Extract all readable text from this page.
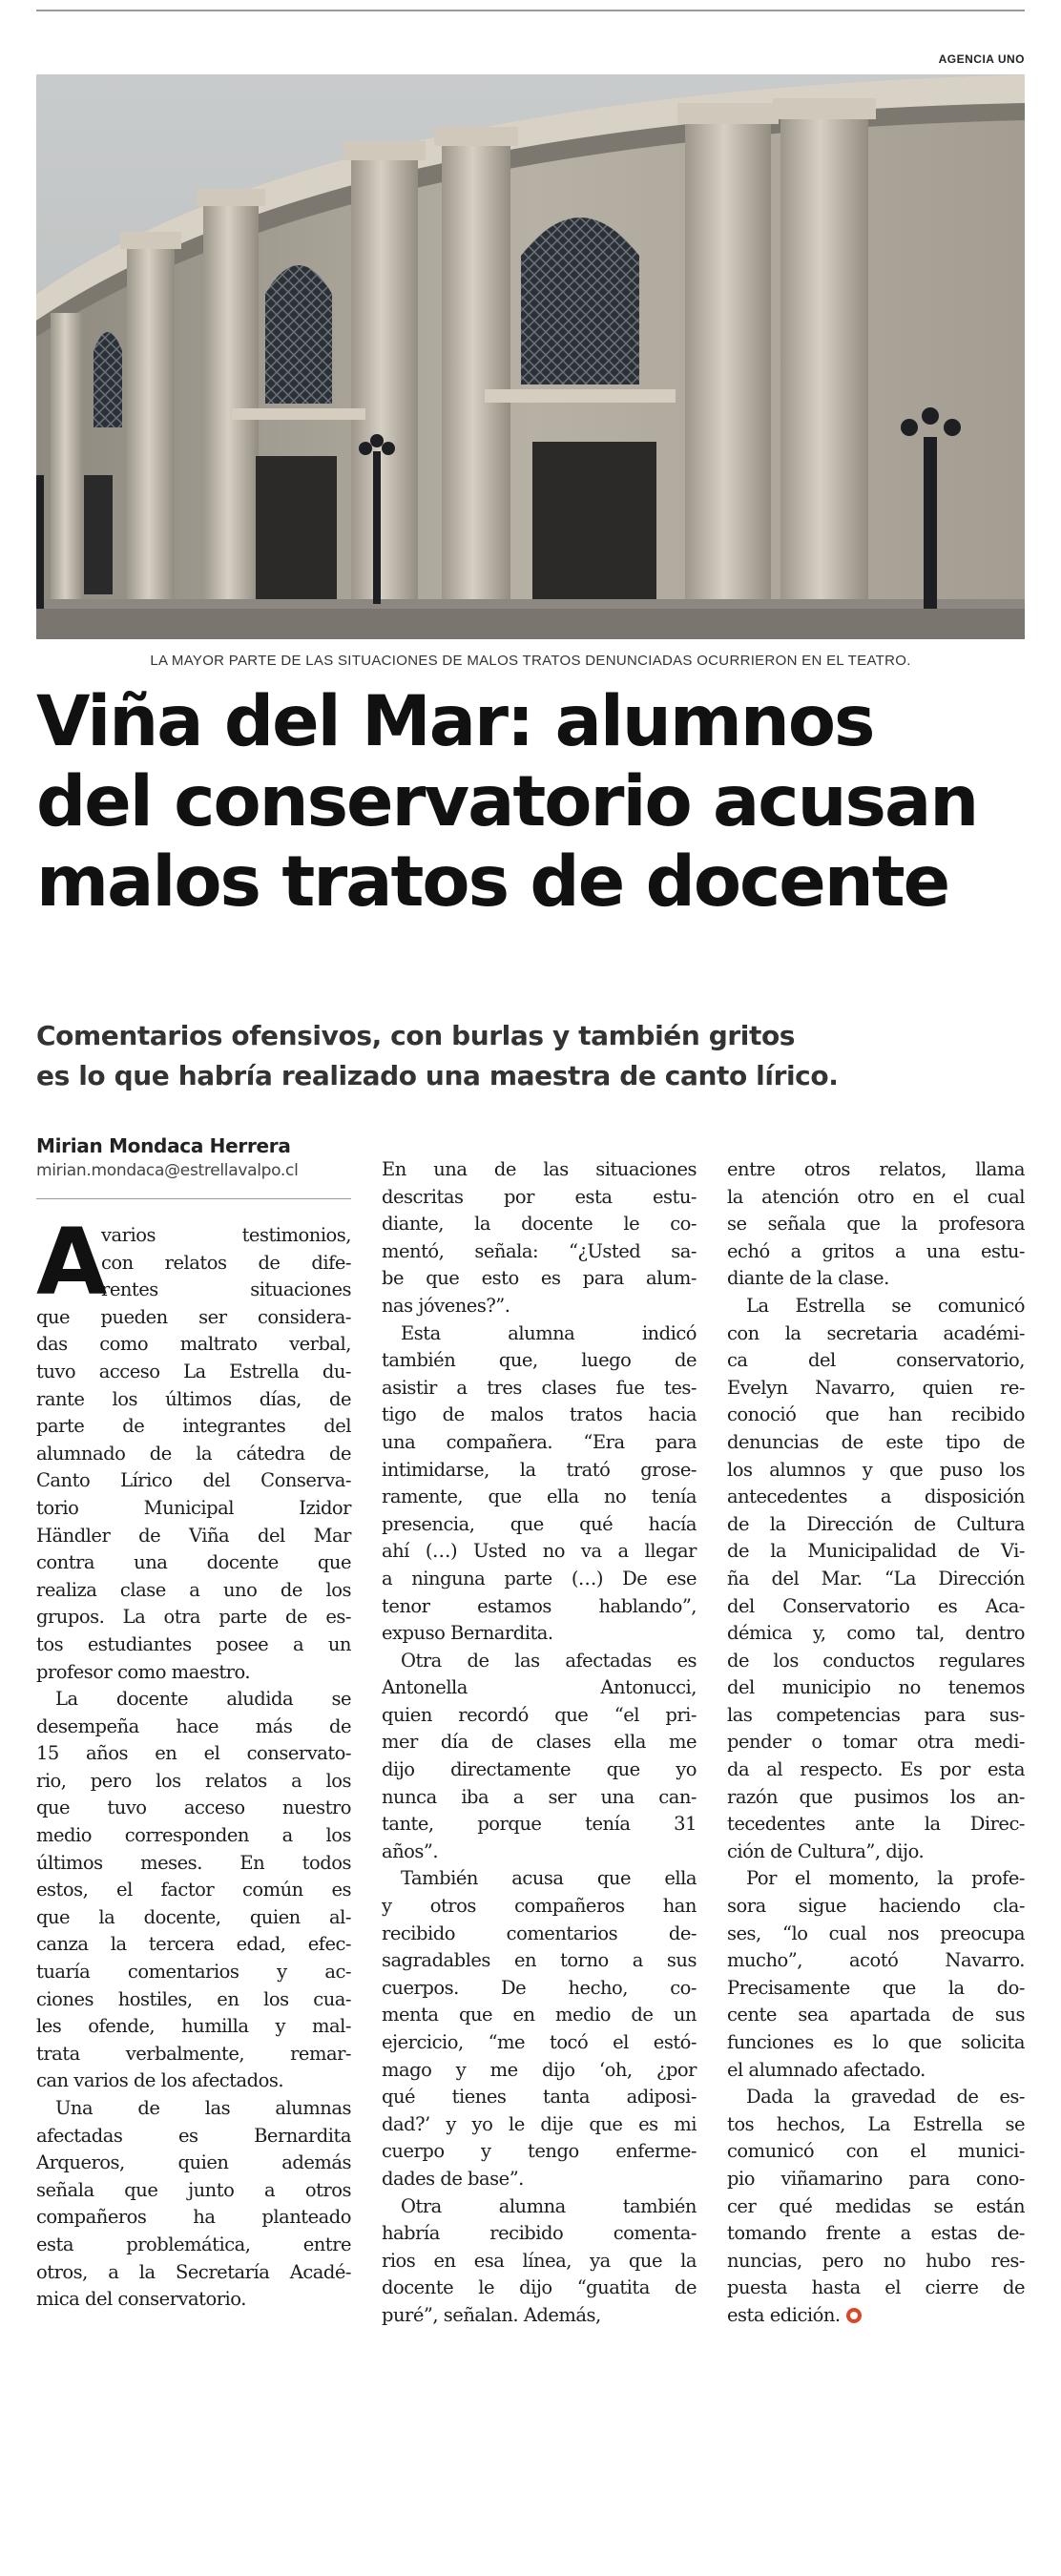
AGENCIA UNO
LA MAYOR PARTE DE LAS SITUACIONES DE MALOS TRATOS DENUNCIADAS OCURRIERON EN EL TEATRO.
Viña del Mar: alumnos
del conservatorio acusan
malos tratos de docente
Comentarios ofensivos, con burlas y también gritos
es lo que habría realizado una maestra de canto lírico.
Mirian Mondaca Herrera
mirian.mondaca@estrellavalpo.cl
A

varios testimonios,
con relatos de dife-
rentes situaciones
que pueden ser considera-
das como maltrato verbal,
tuvo acceso La Estrella du-
rante los últimos días, de
parte de integrantes del
alumnado de la cátedra de
Canto Lírico del Conserva-
torio Municipal Izidor
Händler de Viña del Mar
contra una docente que
realiza clase a uno de los
grupos. La otra parte de es-
tos estudiantes posee a un
profesor como maestro.
La docente aludida se
desempeña hace más de
15 años en el conservato-
rio, pero los relatos a los
que tuvo acceso nuestro
medio corresponden a los
últimos meses. En todos
estos, el factor común es
que la docente, quien al-
canza la tercera edad, efec-
tuaría comentarios y ac-
ciones hostiles, en los cua-
les ofende, humilla y mal-
trata verbalmente, remar-
can varios de los afectados.
Una de las alumnas
afectadas es Bernardita
Arqueros, quien además
señala que junto a otros
compañeros ha planteado
esta problemática, entre
otros, a la Secretaría Acadé-
mica del conservatorio.

En una de las situaciones
descritas por esta estu-
diante, la docente le co-
mentó, señala: “¿Usted sa-
be que esto es para alum-
nas jóvenes?”.
Esta alumna indicó
también que, luego de
asistir a tres clases fue tes-
tigo de malos tratos hacia
una compañera. “Era para
intimidarse, la trató grose-
ramente, que ella no tenía
presencia, que qué hacía
ahí (…) Usted no va a llegar
a ninguna parte (…) De ese
tenor estamos hablando”,
expuso Bernardita.
Otra de las afectadas es
Antonella Antonucci,
quien recordó que “el pri-
mer día de clases ella me
dijo directamente que yo
nunca iba a ser una can-
tante, porque tenía 31
años”.
También acusa que ella
y otros compañeros han
recibido comentarios de-
sagradables en torno a sus
cuerpos. De hecho, co-
menta que en medio de un
ejercicio, “me tocó el estó-
mago y me dijo ‘oh, ¿por
qué tienes tanta adiposi-
dad?’ y yo le dije que es mi
cuerpo y tengo enferme-
dades de base”.
Otra alumna también
habría recibido comenta-
rios en esa línea, ya que la
docente le dijo “guatita de
puré”, señalan. Además,

entre otros relatos, llama
la atención otro en el cual
se señala que la profesora
echó a gritos a una estu-
diante de la clase.
La Estrella se comunicó
con la secretaria académi-
ca del conservatorio,
Evelyn Navarro, quien re-
conoció que han recibido
denuncias de este tipo de
los alumnos y que puso los
antecedentes a disposición
de la Dirección de Cultura
de la Municipalidad de Vi-
ña del Mar. “La Dirección
del Conservatorio es Aca-
démica y, como tal, dentro
de los conductos regulares
del municipio no tenemos
las competencias para sus-
pender o tomar otra medi-
da al respecto. Es por esta
razón que pusimos los an-
tecedentes ante la Direc-
ción de Cultura”, dijo.
Por el momento, la profe-
sora sigue haciendo cla-
ses, “lo cual nos preocupa
mucho”, acotó Navarro.
Precisamente que la do-
cente sea apartada de sus
funciones es lo que solicita
el alumnado afectado.
Dada la gravedad de es-
tos hechos, La Estrella se
comunicó con el munici-
pio viñamarino para cono-
cer qué medidas se están
tomando frente a estas de-
nuncias, pero no hubo res-
puesta hasta el cierre de
esta edición.
